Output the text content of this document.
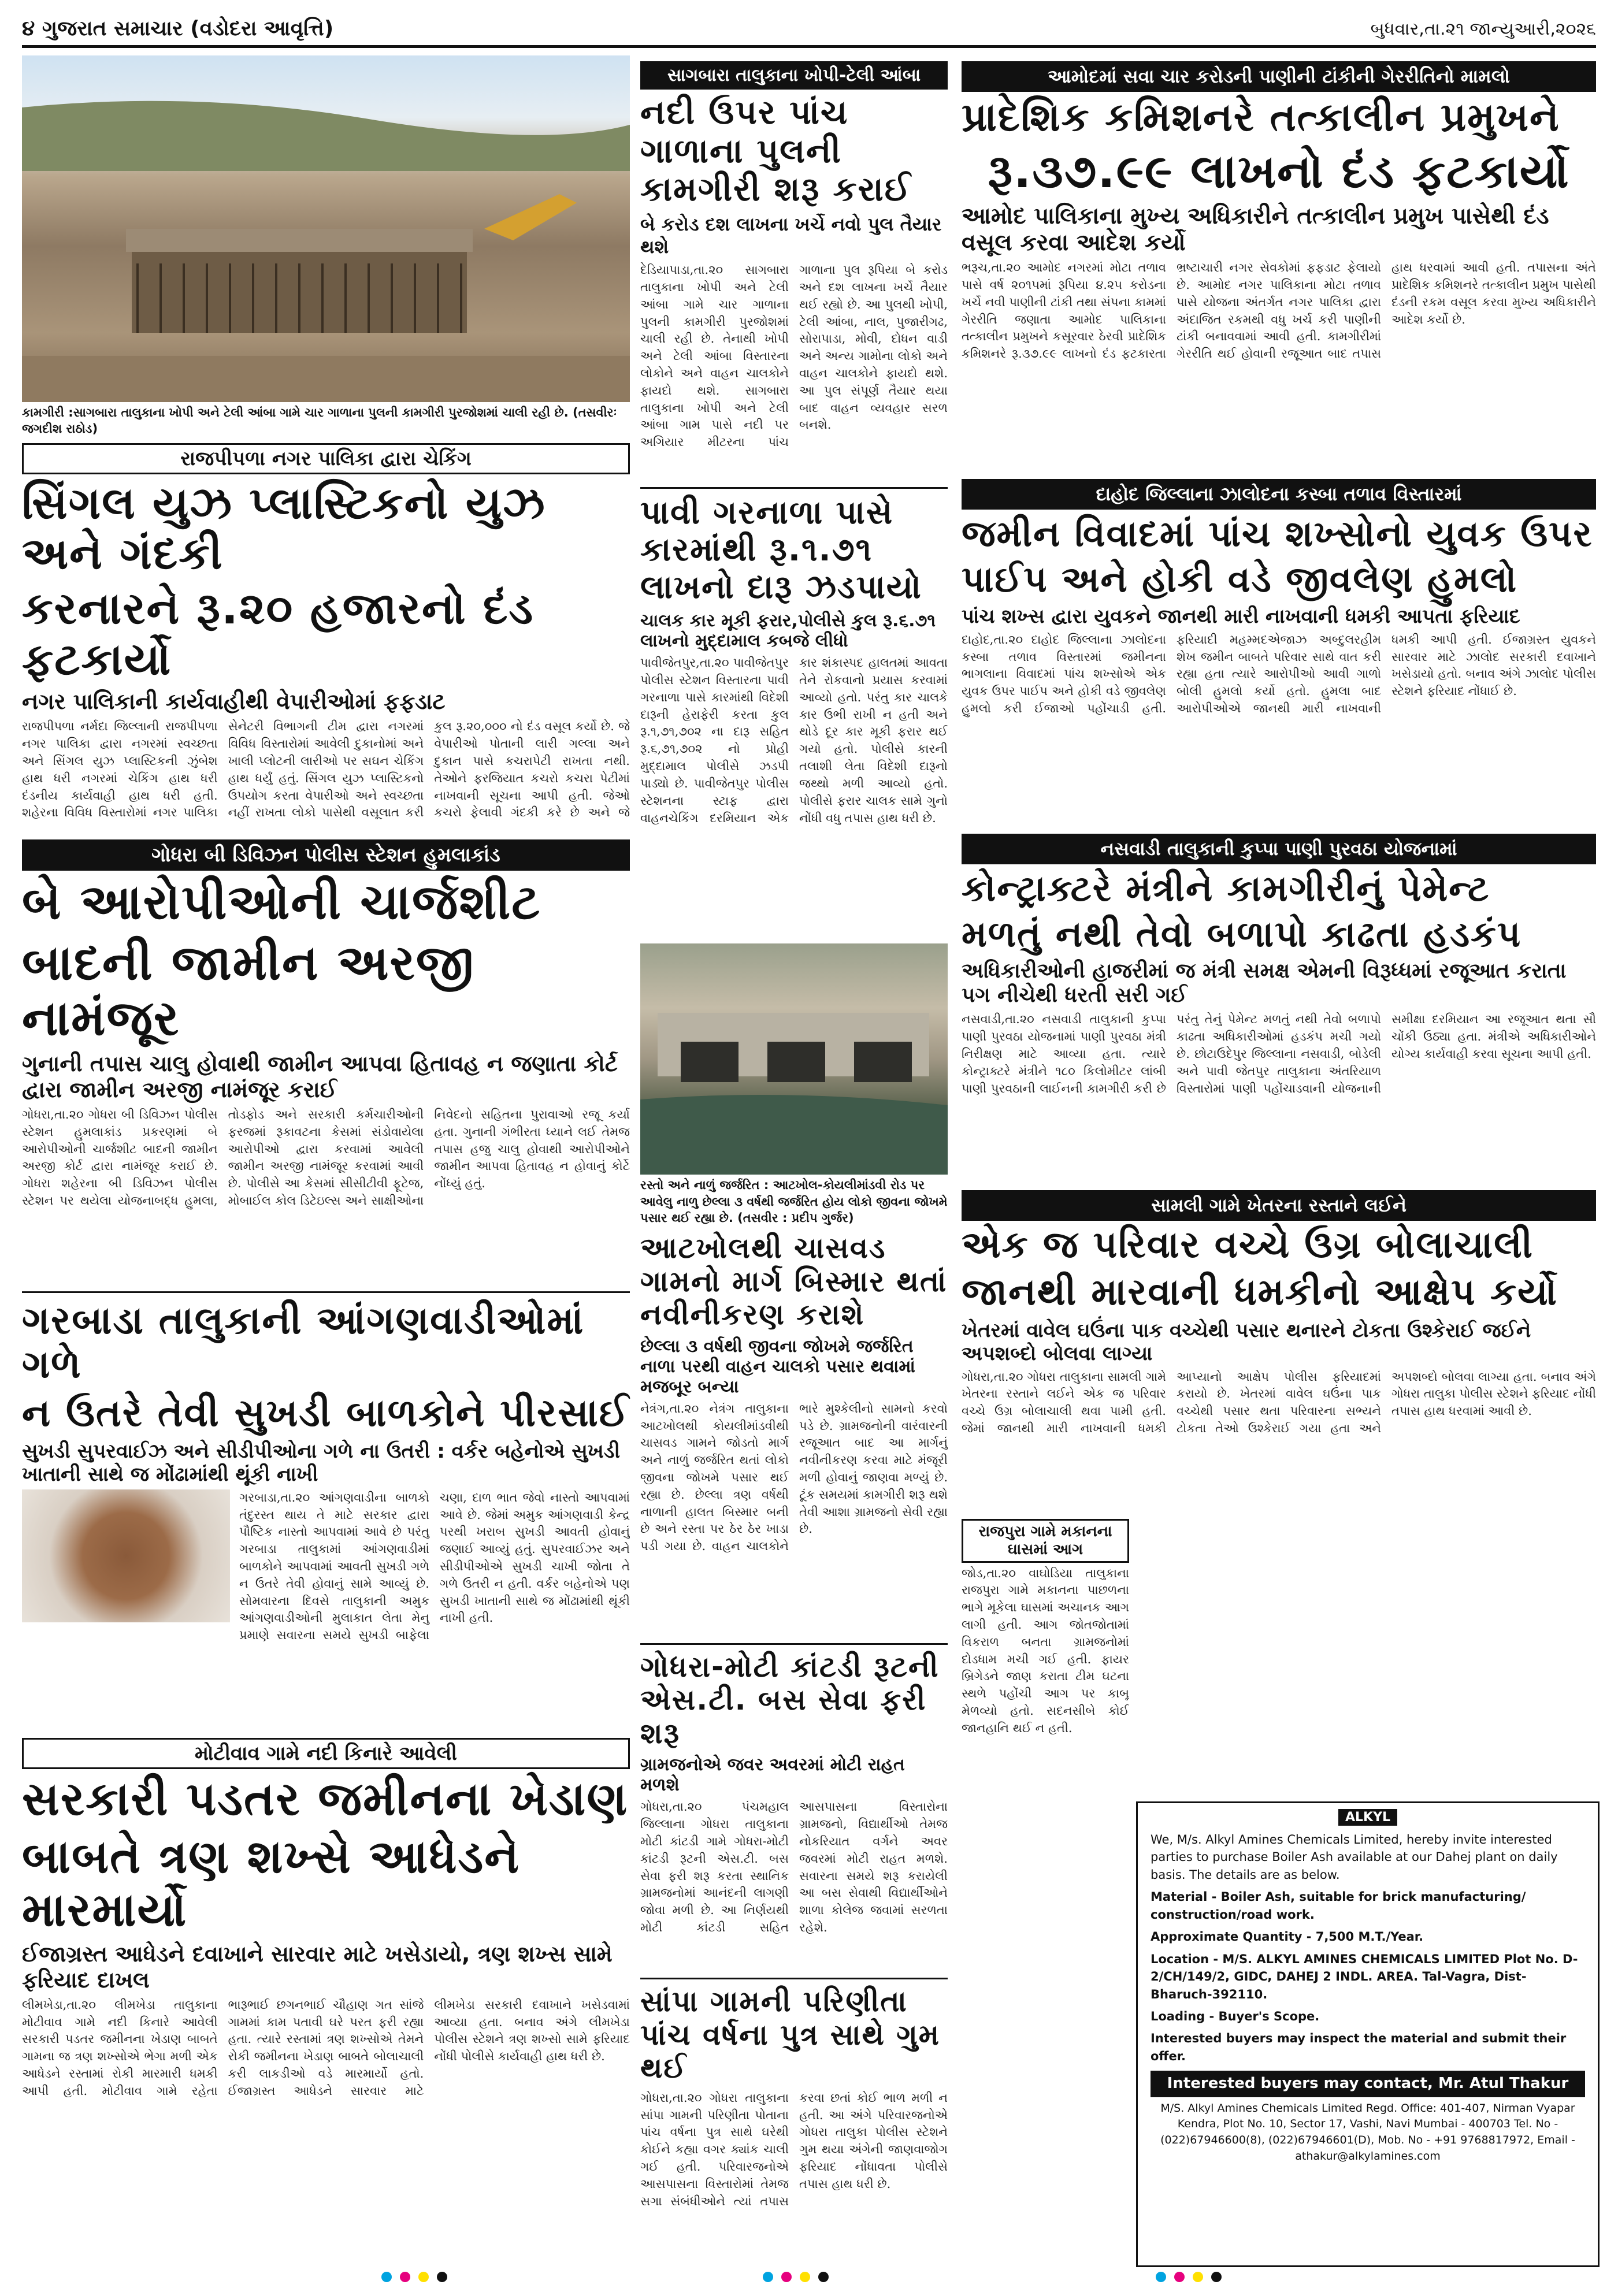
૪ ગુજરાત સમાચાર (વડોદરા આવૃત્તિ)	બુધવાર,તા.૨૧ જાન્યુઆરી,૨૦૨૬
કામગીરી :સાગબારા તાલુકાના ખોપી અને ટેલી આંબા ગામે ચાર ગાળાના પુલની કામગીરી પુરજોશમાં ચાલી રહી છે. (તસવીરઃ જગદીશ રાઠોડ)
રાજપીપળા નગર પાલિકા દ્વારા ચેકિંગ
સિંગલ યુઝ પ્લાસ્ટિકનો યુઝ અને ગંદકી
કરનારને રૂ.૨૦ હજારનો દંડ ફટકાર્યો
નગર પાલિકાની કાર્યવાહીથી વેપારીઓમાં ફફડાટ
રાજપીપળા નર્મદા જિલ્લાની રાજપીપળા નગર પાલિકા દ્વારા નગરમાં સ્વચ્છતા અને સિંગલ યુઝ પ્લાસ્ટિકની ઝુંબેશ હાથ ધરી નગરમાં ચેકિંગ હાથ ધરી દંડનીય કાર્યવાહી હાથ ધરી હતી. શહેરના વિવિધ વિસ્તારોમાં નગર પાલિકા સેનેટરી વિભાગની ટીમ દ્વારા નગરમાં વિવિધ વિસ્તારોમાં આવેલી દુકાનોમાં અને ખાલી પ્લોટની લારીઓ પર સઘન ચેકિંગ હાથ ધર્યું હતું. સિંગલ યુઝ પ્લાસ્ટિકનો ઉપયોગ કરતા વેપારીઓ અને સ્વચ્છતા નહીં રાખતા લોકો પાસેથી વસૂલાત કરી કુલ રૂ.૨૦,૦૦૦ નો દંડ વસૂલ કર્યો છે. જે વેપારીઓ પોતાની લારી ગલ્લા અને દુકાન પાસે કચરાપેટી રાખતા નથી. તેઓને ફરજિયાત કચરો કચરા પેટીમાં નાખવાની સૂચના આપી હતી. જેઓ કચરો ફેલાવી ગંદકી કરે છે અને જે
ગોધરા બી ડિવિઝન પોલીસ સ્ટેશન હુમલાકાંડ
બે આરોપીઓની ચાર્જશીટ
બાદની જામીન અરજી નામંજૂર
ગુનાની તપાસ ચાલુ હોવાથી જામીન આપવા હિતાવહ ન જણાતા કોર્ટ દ્વારા જામીન અરજી નામંજૂર કરાઈ
ગોધરા,તા.૨૦ ગોધરા બી ડિવિઝન પોલીસ સ્ટેશન હુમલાકાંડ પ્રકરણમાં બે આરોપીઓની ચાર્જશીટ બાદની જામીન અરજી કોર્ટ દ્વારા નામંજૂર કરાઈ છે. ગોધરા શહેરના બી ડિવિઝન પોલીસ સ્ટેશન પર થયેલા યોજનાબદ્ધ હુમલા, તોડફોડ અને સરકારી કર્મચારીઓની ફરજમાં રૂકાવટના કેસમાં સંડોવાયેલા આરોપીઓ દ્વારા કરવામાં આવેલી જામીન અરજી નામંજૂર કરવામાં આવી છે. પોલીસે આ કેસમાં સીસીટીવી ફૂટેજ, મોબાઈલ કોલ ડિટેઇલ્સ અને સાક્ષીઓના નિવેદનો સહિતના પુરાવાઓ રજૂ કર્યા હતા. ગુનાની ગંભીરતા ધ્યાને લઈ તેમજ તપાસ હજુ ચાલુ હોવાથી આરોપીઓને જામીન આપવા હિતાવહ ન હોવાનું કોર્ટે નોંધ્યું હતું.
ગરબાડા તાલુકાની આંગણવાડીઓમાં ગળે
ન ઉતરે તેવી સુખડી બાળકોને પીરસાઈ
સુખડી સુપરવાઈઝ અને સીડીપીઓના ગળે ના ઉતરી : વર્કર બહેનોએ સુખડી ખાતાની સાથે જ મોંઢામાંથી થૂંકી નાખી
ગરબાડા,તા.૨૦ આંગણવાડીના બાળકો તંદુરસ્ત થાય તે માટે સરકાર દ્વારા પૌષ્ટિક નાસ્તો આપવામાં આવે છે પરંતુ ગરબાડા તાલુકામાં આંગણવાડીમાં બાળકોને આપવામાં આવતી સુખડી ગળે ન ઉતરે તેવી હોવાનું સામે આવ્યું છે. સોમવારના દિવસે તાલુકાની અમુક આંગણવાડીઓની મુલાકાત લેતા મેનુ પ્રમાણે સવારના સમયે સુખડી બાફેલા ચણા, દાળ ભાત જેવો નાસ્તો આપવામાં આવે છે. જેમાં અમુક આંગણવાડી કેન્દ્ર પરથી ખરાબ સુખડી આવતી હોવાનું જણાઈ આવ્યું હતું. સુપરવાઈઝર અને સીડીપીઓએ સુખડી ચાખી જોતા તે ગળે ઉતરી ન હતી. વર્કર બહેનોએ પણ સુખડી ખાતાની સાથે જ મોંઢામાંથી થૂંકી નાખી હતી.
મોટીવાવ ગામે નદી કિનારે આવેલી
સરકારી પડતર જમીનના ખેડાણ
બાબતે ત્રણ શખ્સે આધેડને મારમાર્યો
ઈજાગ્રસ્ત આધેડને દવાખાને સારવાર માટે ખસેડાયો, ત્રણ શખ્સ સામે ફરિયાદ દાખલ
લીમખેડા,તા.૨૦ લીમખેડા તાલુકાના મોટીવાવ ગામે નદી કિનારે આવેલી સરકારી પડતર જમીનના ખેડાણ બાબતે ગામના જ ત્રણ શખ્સોએ ભેગા મળી એક આધેડને રસ્તામાં રોકી મારમારી ધમકી આપી હતી. મોટીવાવ ગામે રહેતા ભારૂભાઈ છગનભાઈ ચૌહાણ ગત સાંજે ગામમાં કામ પતાવી ઘરે પરત ફરી રહ્યા હતા. ત્યારે રસ્તામાં ત્રણ શખ્સોએ તેમને રોકી જમીનના ખેડાણ બાબતે બોલાચાલી કરી લાકડીઓ વડે મારમાર્યો હતો. ઈજાગ્રસ્ત આધેડને સારવાર માટે લીમખેડા સરકારી દવાખાને ખસેડવામાં આવ્યા હતા. બનાવ અંગે લીમખેડા પોલીસ સ્ટેશને ત્રણ શખ્સો સામે ફરિયાદ નોંધી પોલીસે કાર્યવાહી હાથ ધરી છે.
સાગબારા તાલુકાના ખોપી-ટેલી આંબા
નદી ઉપર પાંચ ગાળાના પુલની કામગીરી શરૂ કરાઈ
બે કરોડ દશ લાખના ખર્ચે નવો પુલ તૈયાર થશે
દેડિયાપાડા,તા.૨૦ સાગબારા તાલુકાના ખોપી અને ટેલી આંબા ગામે ચાર ગાળાના પુલની કામગીરી પુરજોશમાં ચાલી રહી છે. તેનાથી ખોપી અને ટેલી આંબા વિસ્તારના લોકોને અને વાહન ચાલકોને ફાયદો થશે. સાગબારા તાલુકાના ખોપી અને ટેલી આંબા ગામ પાસે નદી પર અગિયાર મીટરના પાંચ ગાળાના પુલ રૂપિયા બે કરોડ અને દશ લાખના ખર્ચે તૈયાર થઈ રહ્યો છે. આ પુલથી ખોપી, ટેલી આંબા, નાલ, પુજારીગઢ, સોરાપાડા, મોવી, દોધન વાડી અને અન્ય ગામોના લોકો અને વાહન ચાલકોને ફાયદો થશે. આ પુલ સંપૂર્ણ તૈયાર થયા બાદ વાહન વ્યવહાર સરળ બનશે.
પાવી ગરનાળા પાસે કારમાંથી રૂ.૧.૭૧ લાખનો દારૂ ઝડપાયો
ચાલક કાર મૂકી ફરાર,પોલીસે કુલ રૂ.૬.૭૧ લાખનો મુદ્દામાલ કબજે લીધો
પાવીજેતપુર,તા.૨૦ પાવીજેતપુર પોલીસ સ્ટેશન વિસ્તારના પાવી ગરનાળા પાસે કારમાંથી વિદેશી દારૂની હેરાફેરી કરતા કુલ રૂ.૧,૭૧,૭૦૨ ના દારૂ સહિત રૂ.૬,૭૧,૭૦૨ નો પ્રોહી મુદ્દામાલ પોલીસે ઝડપી પાડ્યો છે. પાવીજેતપુર પોલીસ સ્ટેશનના સ્ટાફ દ્વારા વાહનચેકિંગ દરમિયાન એક કાર શંકાસ્પદ હાલતમાં આવતા તેને રોકવાનો પ્રયાસ કરવામાં આવ્યો હતો. પરંતુ કાર ચાલકે કાર ઉભી રાખી ન હતી અને થોડે દૂર કાર મૂકી ફરાર થઈ ગયો હતો. પોલીસે કારની તલાશી લેતા વિદેશી દારૂનો જથ્થો મળી આવ્યો હતો. પોલીસે ફરાર ચાલક સામે ગુનો નોંધી વધુ તપાસ હાથ ધરી છે.
રસ્તો અને નાળું જર્જરિત : આટખોલ-કોયલીમાંડવી રોડ પર આવેલુ નાળુ છેલ્લા ૩ વર્ષથી જર્જરિત હોય લોકો જીવના જોખમે પસાર થઈ રહ્યા છે. (તસવીર : પ્રદીપ ગુર્જર)
આટખોલથી ચાસવડ ગામનો માર્ગ બિસ્માર થતાં નવીનીકરણ કરાશે
છેલ્લા ૩ વર્ષથી જીવના જોખમે જર્જરિત નાળા પરથી વાહન ચાલકો પસાર થવામાં મજબૂર બન્યા
નેત્રંગ,તા.૨૦ નેત્રંગ તાલુકાના આટખોલથી કોયલીમાંડવીથી ચાસવડ ગામને જોડતો માર્ગ અને નાળું જર્જરિત થતાં લોકો જીવના જોખમે પસાર થઈ રહ્યા છે. છેલ્લા ત્રણ વર્ષથી નાળાની હાલત બિસ્માર બની છે અને રસ્તા પર ઠેર ઠેર ખાડા પડી ગયા છે. વાહન ચાલકોને ભારે મુશ્કેલીનો સામનો કરવો પડે છે. ગ્રામજનોની વારંવારની રજૂઆત બાદ આ માર્ગનું નવીનીકરણ કરવા માટે મંજૂરી મળી હોવાનું જાણવા મળ્યું છે. ટૂંક સમયમાં કામગીરી શરૂ થશે તેવી આશા ગ્રામજનો સેવી રહ્યા છે.
ગોધરા-મોટી કાંટડી રૂટની એસ.ટી. બસ સેવા ફરી શરૂ
ગ્રામજનોએ જવર અવરમાં મોટી રાહત મળશે
ગોધરા,તા.૨૦ પંચમહાલ જિલ્લાના ગોધરા તાલુકાના મોટી કાંટડી ગામે ગોધરા-મોટી કાંટડી રૂટની એસ.ટી. બસ સેવા ફરી શરૂ કરતા સ્થાનિક ગ્રામજનોમાં આનંદની લાગણી જોવા મળી છે. આ નિર્ણયથી મોટી કાંટડી સહિત આસપાસના વિસ્તારોના ગ્રામજનો, વિદ્યાર્થીઓ તેમજ નોકરિયાત વર્ગને અવર જવરમાં મોટી રાહત મળશે. સવારના સમયે શરૂ કરાયેલી આ બસ સેવાથી વિદ્યાર્થીઓને શાળા કોલેજ જવામાં સરળતા રહેશે.
સાંપા ગામની પરિણીતા પાંચ વર્ષના પુત્ર સાથે ગુમ થઈ
ગોધરા,તા.૨૦ ગોધરા તાલુકાના સાંપા ગામની પરિણીતા પોતાના પાંચ વર્ષના પુત્ર સાથે ઘરેથી કોઈને કહ્યા વગર ક્યાંક ચાલી ગઈ હતી. પરિવારજનોએ આસપાસના વિસ્તારોમાં તેમજ સગા સંબંધીઓને ત્યાં તપાસ કરવા છતાં કોઈ ભાળ મળી ન હતી. આ અંગે પરિવારજનોએ ગોધરા તાલુકા પોલીસ સ્ટેશને ગુમ થયા અંગેની જાણવાજોગ ફરિયાદ નોંધાવતા પોલીસે તપાસ હાથ ધરી છે.
આમોદમાં સવા ચાર કરોડની પાણીની ટાંકીની ગેરરીતિનો મામલો
પ્રાદેશિક કમિશનરે તત્કાલીન પ્રમુખને
રૂ.૩૭.૯૯ લાખનો દંડ ફટકાર્યો
આમોદ પાલિકાના મુખ્ય અધિકારીને તત્કાલીન પ્રમુખ પાસેથી દંડ વસૂલ કરવા આદેશ કર્યો
ભરૂચ,તા.૨૦ આમોદ નગરમાં મોટા તળાવ પાસે વર્ષ ૨૦૧૫માં રૂપિયા ૪.૨૫ કરોડના ખર્ચે નવી પાણીની ટાંકી તથા સંપના કામમાં ગેરરીતિ જણાતા આમોદ પાલિકાના તત્કાલીન પ્રમુખને કસૂરવાર ઠેરવી પ્રાદેશિક કમિશનરે રૂ.૩૭.૯૯ લાખનો દંડ ફટકારતા ભ્રષ્ટાચારી નગર સેવકોમાં ફફડાટ ફેલાયો છે. આમોદ નગર પાલિકાના મોટા તળાવ પાસે યોજના અંતર્ગત નગર પાલિકા દ્વારા અંદાજિત રકમથી વધુ ખર્ચ કરી પાણીની ટાંકી બનાવવામાં આવી હતી. કામગીરીમાં ગેરરીતિ થઈ હોવાની રજૂઆત બાદ તપાસ હાથ ધરવામાં આવી હતી. તપાસના અંતે પ્રાદેશિક કમિશનરે તત્કાલીન પ્રમુખ પાસેથી દંડની રકમ વસૂલ કરવા મુખ્ય અધિકારીને આદેશ કર્યો છે.
દાહોદ જિલ્લાના ઝાલોદના કસ્બા તળાવ વિસ્તારમાં
જમીન વિવાદમાં પાંચ શખ્સોનો યુવક ઉપર
પાઈપ અને હોકી વડે જીવલેણ હુમલો
પાંચ શખ્સ દ્વારા યુવકને જાનથી મારી નાખવાની ધમકી આપતા ફરિયાદ
દાહોદ,તા.૨૦ દાહોદ જિલ્લાના ઝાલોદના કસ્બા તળાવ વિસ્તારમાં જમીનના ભાગલાના વિવાદમાં પાંચ શખ્સોએ એક યુવક ઉપર પાઈપ અને હોકી વડે જીવલેણ હુમલો કરી ઈજાઓ પહોંચાડી હતી. ફરિયાદી મહમ્મદએજાઝ અબ્દુલરહીમ શેખ જમીન બાબતે પરિવાર સાથે વાત કરી રહ્યા હતા ત્યારે આરોપીઓ આવી ગાળો બોલી હુમલો કર્યો હતો. હુમલા બાદ આરોપીઓએ જાનથી મારી નાખવાની ધમકી આપી હતી. ઈજાગ્રસ્ત યુવકને સારવાર માટે ઝાલોદ સરકારી દવાખાને ખસેડાયો હતો. બનાવ અંગે ઝાલોદ પોલીસ સ્ટેશને ફરિયાદ નોંધાઈ છે.
નસવાડી તાલુકાની કુપ્પા પાણી પુરવઠા યોજનામાં
કોન્ટ્રાક્ટરે મંત્રીને કામગીરીનું પેમેન્ટ
મળતું નથી તેવો બળાપો કાઢતા હડકંપ
અધિકારીઓની હાજરીમાં જ મંત્રી સમક્ષ એમની વિરૂધ્ધમાં રજૂઆત કરાતા પગ નીચેથી ધરતી સરી ગઈ
નસવાડી,તા.૨૦ નસવાડી તાલુકાની કુપ્પા પાણી પુરવઠા યોજનામાં પાણી પુરવઠા મંત્રી નિરીક્ષણ માટે આવ્યા હતા. ત્યારે કોન્ટ્રાક્ટરે મંત્રીને ૧૮૦ કિલોમીટર લાંબી પાણી પુરવઠાની લાઈનની કામગીરી કરી છે પરંતુ તેનું પેમેન્ટ મળતું નથી તેવો બળાપો કાઢતા અધિકારીઓમાં હડકંપ મચી ગયો છે. છોટાઉદેપુર જિલ્લાના નસવાડી, બોડેલી અને પાવી જેતપુર તાલુકાના અંતરિયાળ વિસ્તારોમાં પાણી પહોંચાડવાની યોજનાની સમીક્ષા દરમિયાન આ રજૂઆત થતા સૌ ચોંકી ઉઠ્યા હતા. મંત્રીએ અધિકારીઓને યોગ્ય કાર્યવાહી કરવા સૂચના આપી હતી.
સામલી ગામે ખેતરના રસ્તાને લઈને
એક જ પરિવાર વચ્ચે ઉગ્ર બોલાચાલી
જાનથી મારવાની ધમકીનો આક્ષેપ કર્યો
ખેતરમાં વાવેલ ઘઉંના પાક વચ્ચેથી પસાર થનારને ટોકતા ઉશ્કેરાઈ જઈને અપશબ્દો બોલવા લાગ્યા
ગોધરા,તા.૨૦ ગોધરા તાલુકાના સામલી ગામે ખેતરના રસ્તાને લઈને એક જ પરિવાર વચ્ચે ઉગ્ર બોલાચાલી થવા પામી હતી. જેમાં જાનથી મારી નાખવાની ધમકી આપ્યાનો આક્ષેપ પોલીસ ફરિયાદમાં કરાયો છે. ખેતરમાં વાવેલ ઘઉંના પાક વચ્ચેથી પસાર થતા પરિવારના સભ્યને ટોકતા તેઓ ઉશ્કેરાઈ ગયા હતા અને અપશબ્દો બોલવા લાગ્યા હતા. બનાવ અંગે ગોધરા તાલુકા પોલીસ સ્ટેશને ફરિયાદ નોંધી તપાસ હાથ ધરવામાં આવી છે.
રાજપુરા ગામે મકાનના ઘાસમાં આગ
જોડ,તા.૨૦ વાઘોડિયા તાલુકાના રાજપુરા ગામે મકાનના પાછળના ભાગે મૂકેલા ઘાસમાં અચાનક આગ લાગી હતી. આગ જોતજોતામાં વિકરાળ બનતા ગ્રામજનોમાં દોડધામ મચી ગઈ હતી. ફાયર બ્રિગેડને જાણ કરાતા ટીમ ઘટના સ્થળે પહોંચી આગ પર કાબૂ મેળવ્યો હતો. સદનસીબે કોઈ જાનહાનિ થઈ ન હતી.
ALKYL
We, M/s. Alkyl Amines Chemicals Limited, hereby invite interested parties to purchase Boiler Ash available at our Dahej plant on daily basis. The details are as below.
Material - Boiler Ash, suitable for brick manufacturing/ construction/road work.
Approximate Quantity - 7,500 M.T./Year.
Location - M/S. ALKYL AMINES CHEMICALS LIMITED Plot No. D-2/CH/149/2, GIDC, DAHEJ 2 INDL. AREA. Tal-Vagra, Dist-Bharuch-392110.
Loading - Buyer's Scope.
Interested buyers may inspect the material and submit their offer.
Interested buyers may contact, Mr. Atul Thakur
M/S. Alkyl Amines Chemicals Limited Regd. Office: 401-407, Nirman Vyapar Kendra, Plot No. 10, Sector 17, Vashi, Navi Mumbai - 400703 Tel. No - (022)67946600(8), (022)67946601(D), Mob. No - +91 9768817972, Email - athakur@alkylamines.com
